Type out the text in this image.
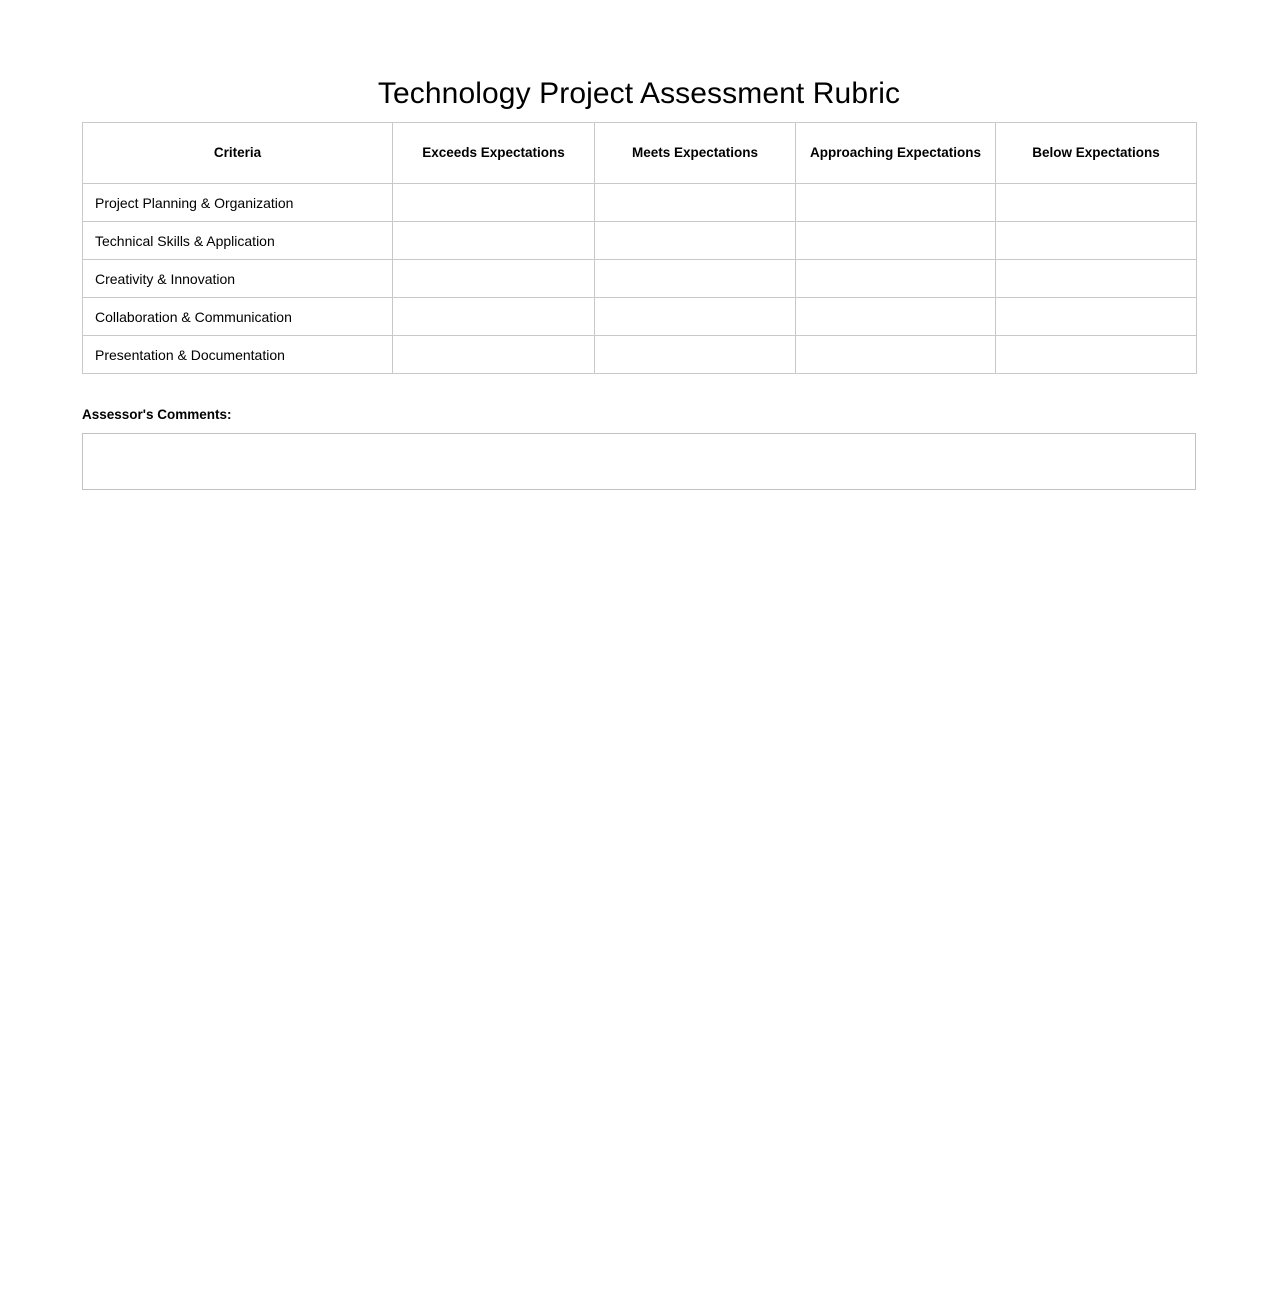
Technology Project Assessment Rubric
Criteria	Exceeds Expectations	Meets Expectations	Approaching Expectations	Below Expectations
Project Planning & Organization				
Technical Skills & Application				
Creativity & Innovation				
Collaboration & Communication				
Presentation & Documentation				
Assessor's Comments:
